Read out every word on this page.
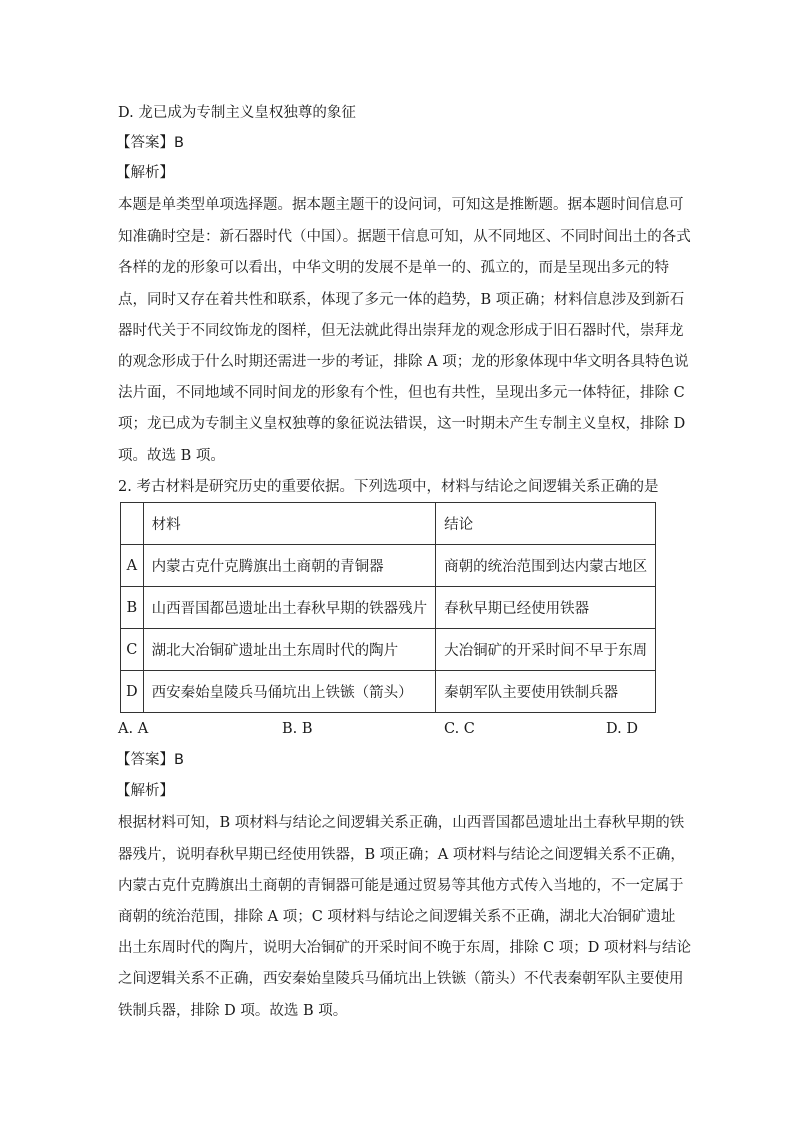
D. 龙已成为专制主义皇权独尊的象征
【答案】B
【解析】
本题是单类型单项选择题。据本题主题干的设问词，可知这是推断题。据本题时间信息可
知准确时空是：新石器时代（中国）。据题干信息可知，从不同地区、不同时间出土的各式
各样的龙的形象可以看出，中华文明的发展不是单一的、孤立的，而是呈现出多元的特
点，同时又存在着共性和联系，体现了多元一体的趋势，B 项正确；材料信息涉及到新石
器时代关于不同纹饰龙的图样，但无法就此得出崇拜龙的观念形成于旧石器时代，崇拜龙
的观念形成于什么时期还需进一步的考证，排除 A 项；龙的形象体现中华文明各具特色说
法片面，不同地域不同时间龙的形象有个性，但也有共性，呈现出多元一体特征，排除 C
项；龙已成为专制主义皇权独尊的象征说法错误，这一时期未产生专制主义皇权，排除 D
项。故选 B 项。
2. 考古材料是研究历史的重要依据。下列选项中，材料与结论之间逻辑关系正确的是
	材料	结论
A	内蒙古克什克腾旗出土商朝的青铜器	商朝的统治范围到达内蒙古地区
B	山西晋国都邑遗址出土春秋早期的铁器残片	春秋早期已经使用铁器
C	湖北大冶铜矿遗址出土东周时代的陶片	大冶铜矿的开采时间不早于东周
D	西安秦始皇陵兵马俑坑出上铁镞（箭头）	秦朝军队主要使用铁制兵器
A. A	B. B	C. C	D. D
【答案】B
【解析】
根据材料可知，B 项材料与结论之间逻辑关系正确，山西晋国都邑遗址出土春秋早期的铁
器残片，说明春秋早期已经使用铁器，B 项正确；A 项材料与结论之间逻辑关系不正确，
内蒙古克什克腾旗出土商朝的青铜器可能是通过贸易等其他方式传入当地的，不一定属于
商朝的统治范围，排除 A 项；C 项材料与结论之间逻辑关系不正确，湖北大冶铜矿遗址
出土东周时代的陶片，说明大冶铜矿的开采时间不晚于东周，排除 C 项；D 项材料与结论
之间逻辑关系不正确，西安秦始皇陵兵马俑坑出上铁镞（箭头）不代表秦朝军队主要使用
铁制兵器，排除 D 项。故选 B 项。
